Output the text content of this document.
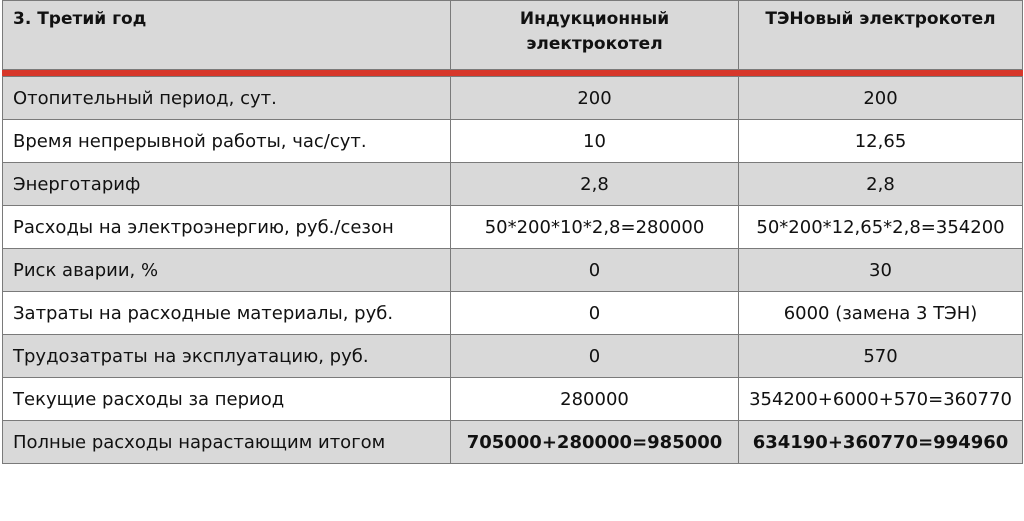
3. Третий год	Индукционный электрокотел	ТЭНовый электрокотел

Отопительный период, сут.	200	200
Время непрерывной работы, час/сут.	10	12,65
Энерготариф	2,8	2,8
Расходы на электроэнергию, руб./сезон	50*200*10*2,8=280000	50*200*12,65*2,8=354200
Риск аварии, %	0	30
Затраты на расходные материалы, руб.	0	6000 (замена 3 ТЭН)
Трудозатраты на эксплуатацию, руб.	0	570
Текущие расходы за период	280000	354200+6000+570=360770
Полные расходы нарастающим итогом	705000+280000=985000	634190+360770=994960
